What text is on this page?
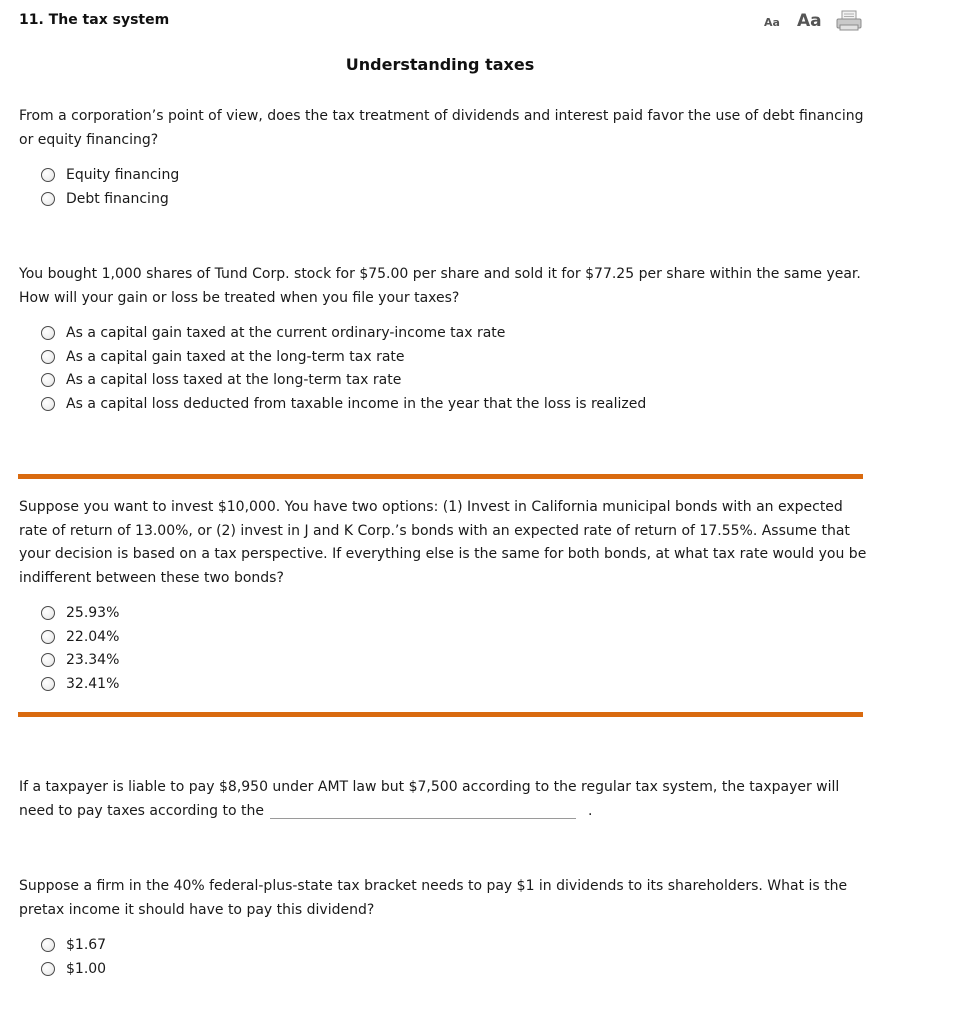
11. The tax system	Aa Aa
Understanding taxes
From a corporation’s point of view, does the tax treatment of dividends and interest paid favor the use of debt financing or equity financing?
Equity financing
Debt financing
You bought 1,000 shares of Tund Corp. stock for $75.00 per share and sold it for $77.25 per share within the same year. How will your gain or loss be treated when you file your taxes?
As a capital gain taxed at the current ordinary-income tax rate
As a capital gain taxed at the long-term tax rate
As a capital loss taxed at the long-term tax rate
As a capital loss deducted from taxable income in the year that the loss is realized
Suppose you want to invest $10,000. You have two options: (1) Invest in California municipal bonds with an expected rate of return of 13.00%, or (2) invest in J and K Corp.’s bonds with an expected rate of return of 17.55%. Assume that your decision is based on a tax perspective. If everything else is the same for both bonds, at what tax rate would you be indifferent between these two bonds?
25.93%
22.04%
23.34%
32.41%
If a taxpayer is liable to pay $8,950 under AMT law but $7,500 according to the regular tax system, the taxpayer will need to pay taxes according to the	.
Suppose a firm in the 40% federal-plus-state tax bracket needs to pay $1 in dividends to its shareholders. What is the pretax income it should have to pay this dividend?
$1.67
$1.00
